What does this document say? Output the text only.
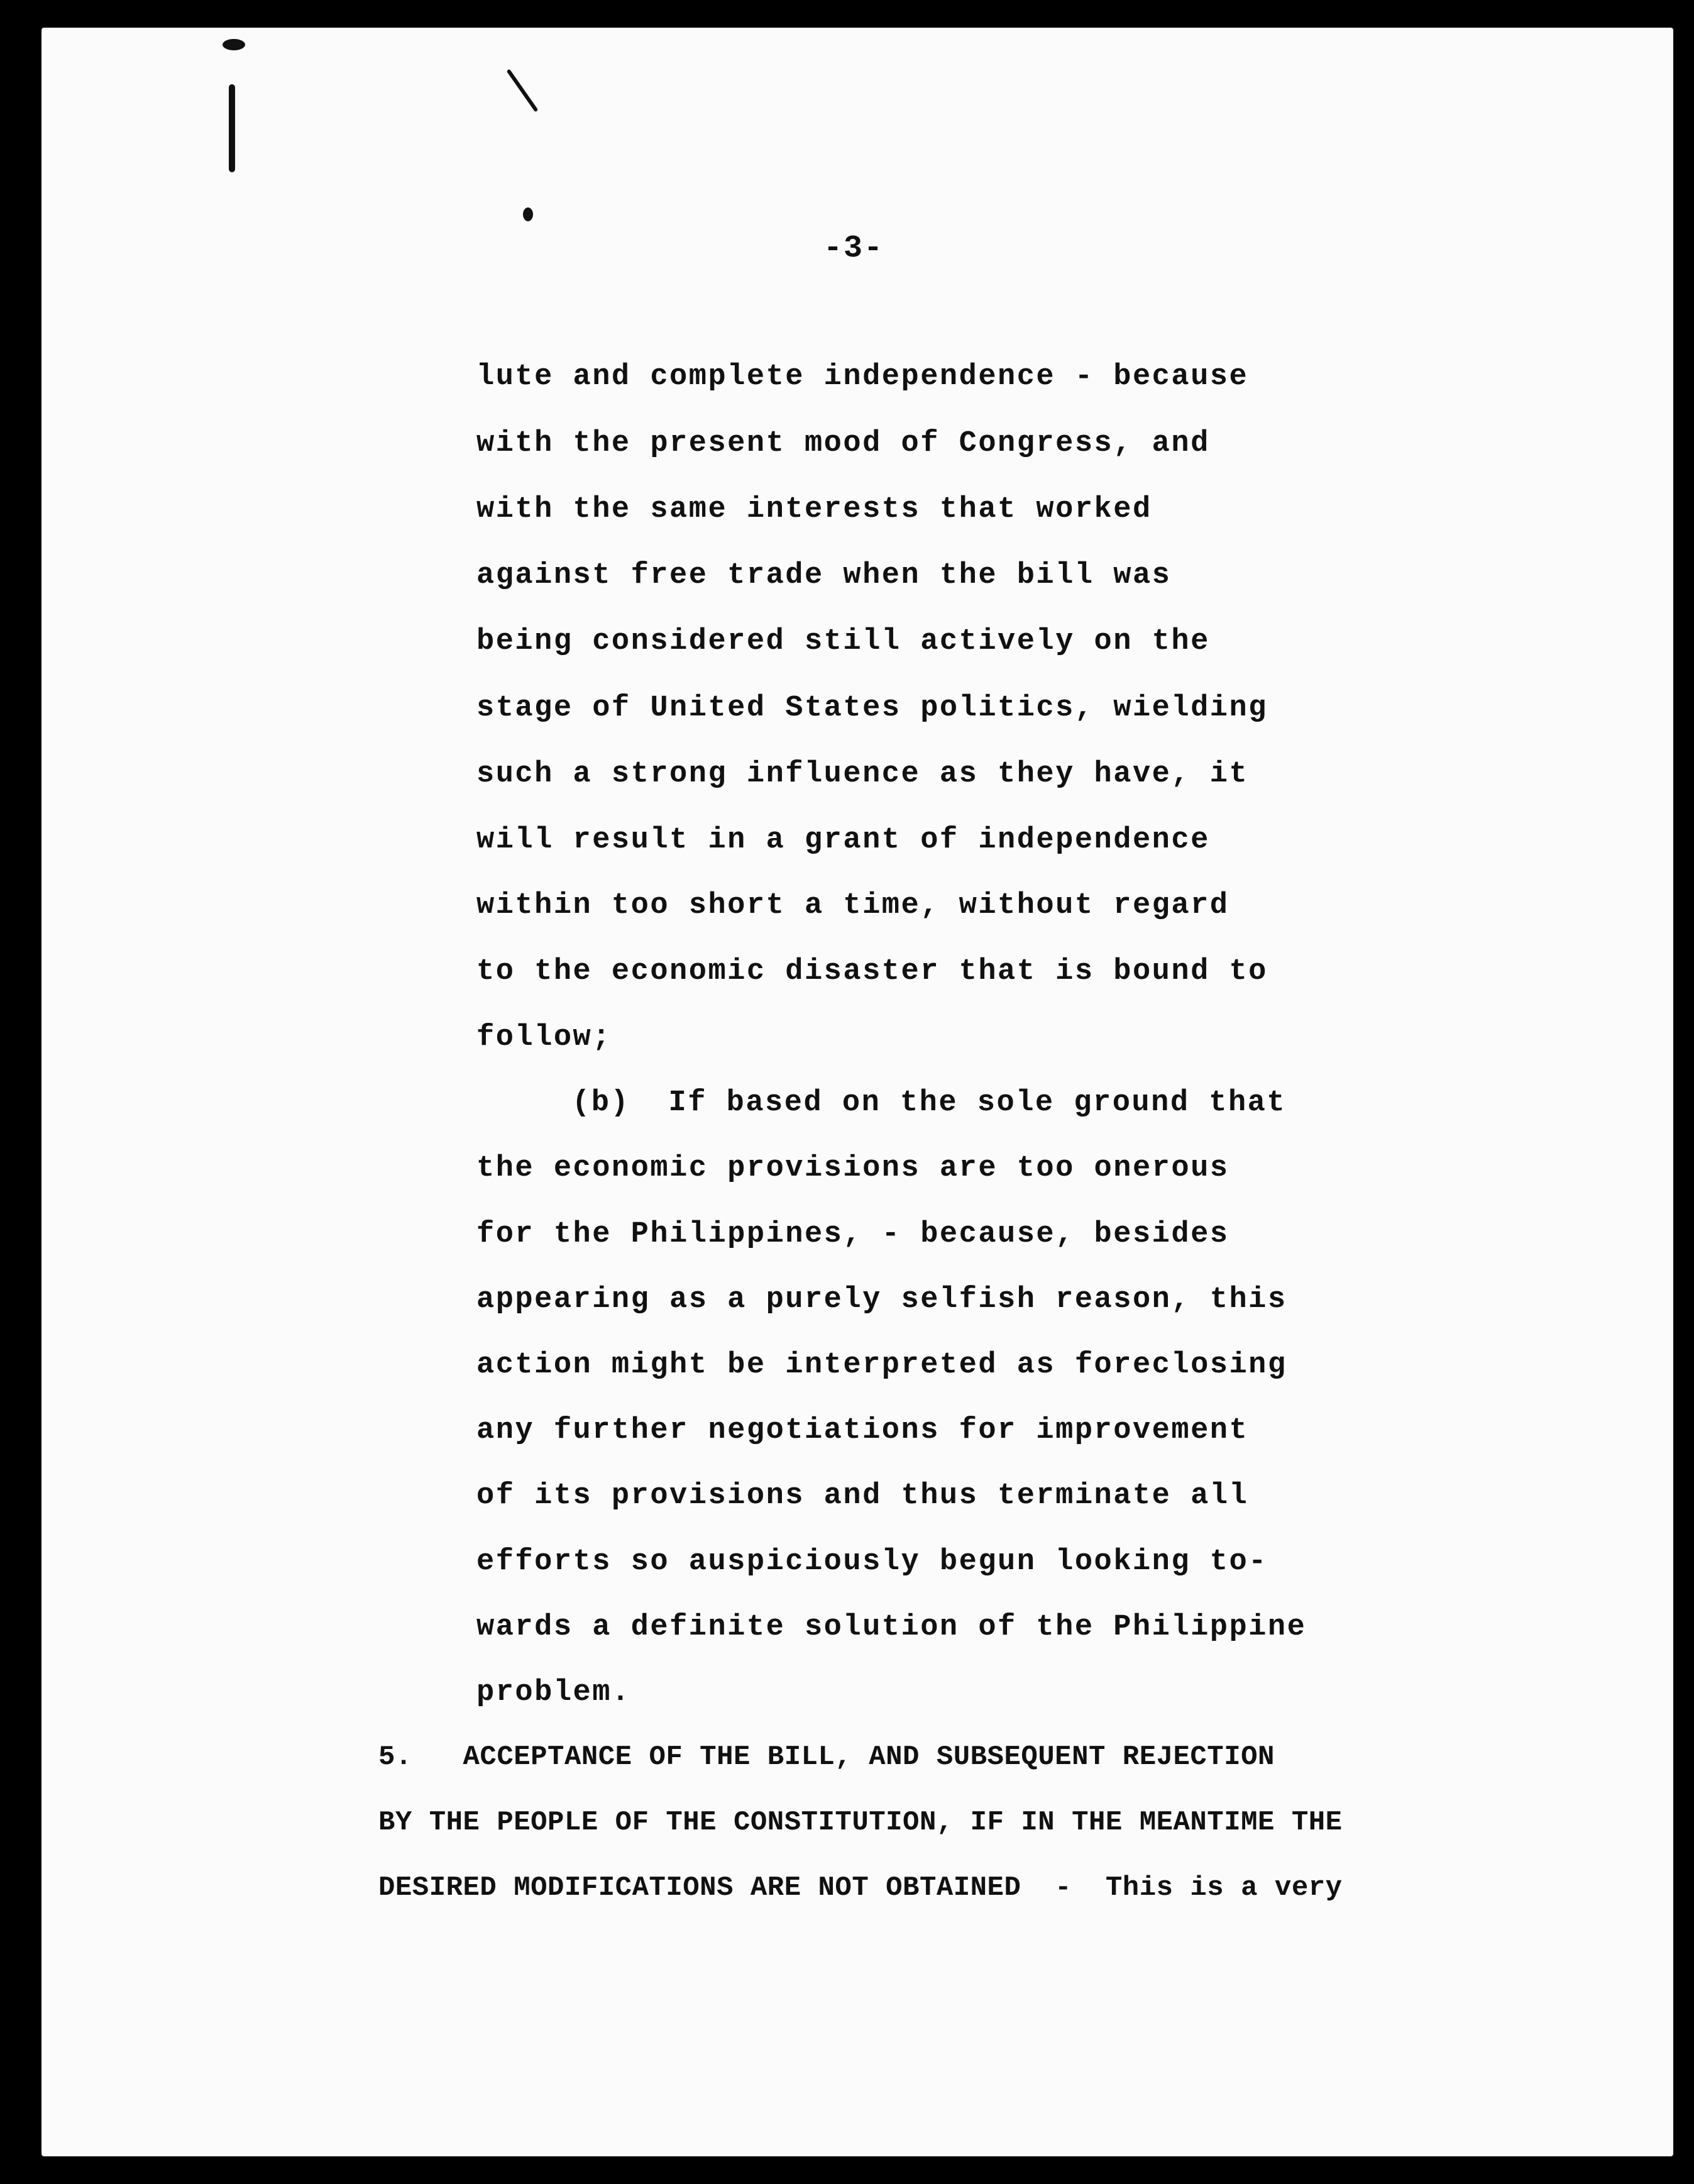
-3-
lute and complete independence - because
with the present mood of Congress, and
with the same interests that worked
against free trade when the bill was
being considered still actively on the
stage of United States politics, wielding
such a strong influence as they have, it
will result in a grant of independence
within too short a time, without regard
to the economic disaster that is bound to
follow;
(b)  If based on the sole ground that
the economic provisions are too onerous
for the Philippines, - because, besides
appearing as a purely selfish reason, this
action might be interpreted as foreclosing
any further negotiations for improvement
of its provisions and thus terminate all
efforts so auspiciously begun looking to-
wards a definite solution of the Philippine
problem.
5.   ACCEPTANCE OF THE BILL, AND SUBSEQUENT REJECTION
BY THE PEOPLE OF THE CONSTITUTION, IF IN THE MEANTIME THE
DESIRED MODIFICATIONS ARE NOT OBTAINED  -  This is a very
